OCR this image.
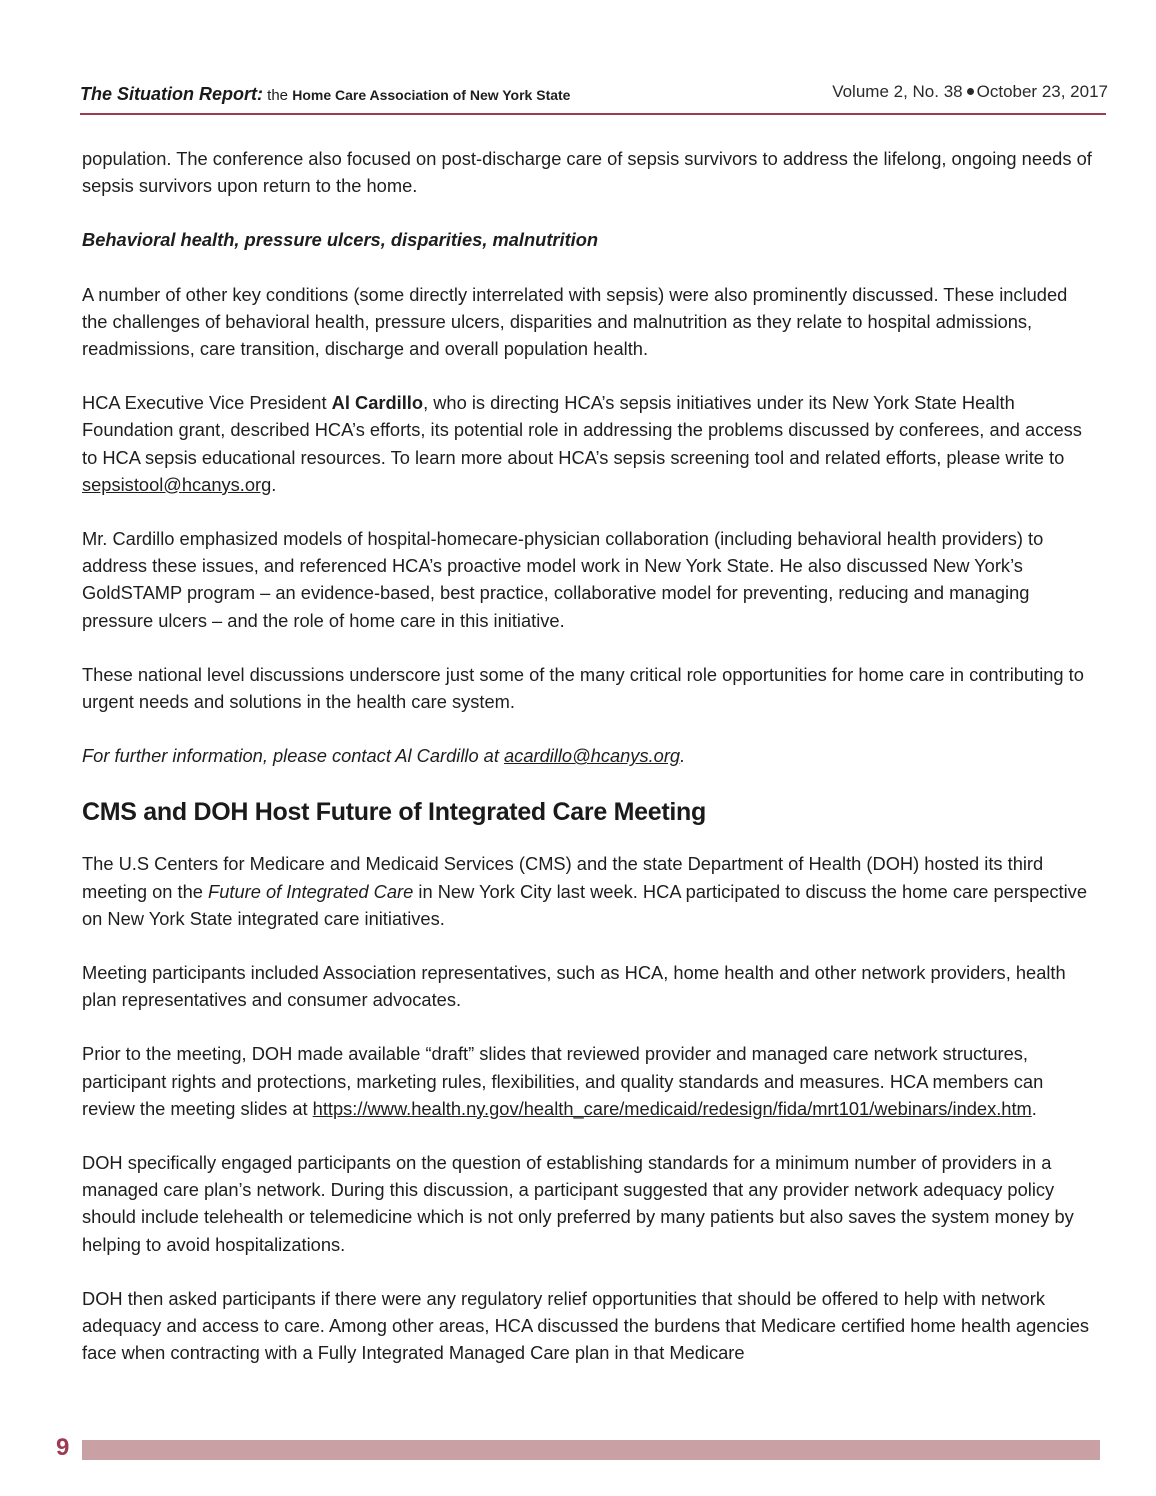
The Situation Report: the Home Care Association of New York State	Volume 2, No. 38 October 23, 2017

population. The conference also focused on post-discharge care of sepsis survivors to address the lifelong, ongoing needs of sepsis survivors upon return to the home.

Behavioral health, pressure ulcers, disparities, malnutrition

A number of other key conditions (some directly interrelated with sepsis) were also prominently discussed. These included the challenges of behavioral health, pressure ulcers, disparities and malnutrition as they relate to hospital admissions, readmissions, care transition, discharge and overall population health.

HCA Executive Vice President Al Cardillo, who is directing HCA’s sepsis initiatives under its New York State Health Foundation grant, described HCA’s efforts, its potential role in addressing the problems discussed by conferees, and access to HCA sepsis educational resources. To learn more about HCA’s sepsis screening tool and related efforts, please write to sepsistool@hcanys.org.

Mr. Cardillo emphasized models of hospital-homecare-physician collaboration (including behavioral health providers) to address these issues, and referenced HCA’s proactive model work in New York State. He also discussed New York’s GoldSTAMP program – an evidence-based, best practice, collaborative model for preventing, reducing and managing pressure ulcers – and the role of home care in this initiative.

These national level discussions underscore just some of the many critical role opportunities for home care in contributing to urgent needs and solutions in the health care system.

For further information, please contact Al Cardillo at acardillo@hcanys.org.

CMS and DOH Host Future of Integrated Care Meeting

The U.S Centers for Medicare and Medicaid Services (CMS) and the state Department of Health (DOH) hosted its third meeting on the Future of Integrated Care in New York City last week. HCA participated to discuss the home care perspective on New York State integrated care initiatives.

Meeting participants included Association representatives, such as HCA, home health and other network providers, health plan representatives and consumer advocates.

Prior to the meeting, DOH made available “draft” slides that reviewed provider and managed care network structures, participant rights and protections, marketing rules, flexibilities, and quality standards and measures. HCA members can review the meeting slides at https://www.health.ny.gov/health_care/medicaid/redesign/fida/mrt101/webinars/index.htm.

DOH specifically engaged participants on the question of establishing standards for a minimum number of providers in a managed care plan’s network. During this discussion, a participant suggested that any provider network adequacy policy should include telehealth or telemedicine which is not only preferred by many patients but also saves the system money by helping to avoid hospitalizations.

DOH then asked participants if there were any regulatory relief opportunities that should be offered to help with network adequacy and access to care. Among other areas, HCA discussed the burdens that Medicare certified home health agencies face when contracting with a Fully Integrated Managed Care plan in that Medicare

9
